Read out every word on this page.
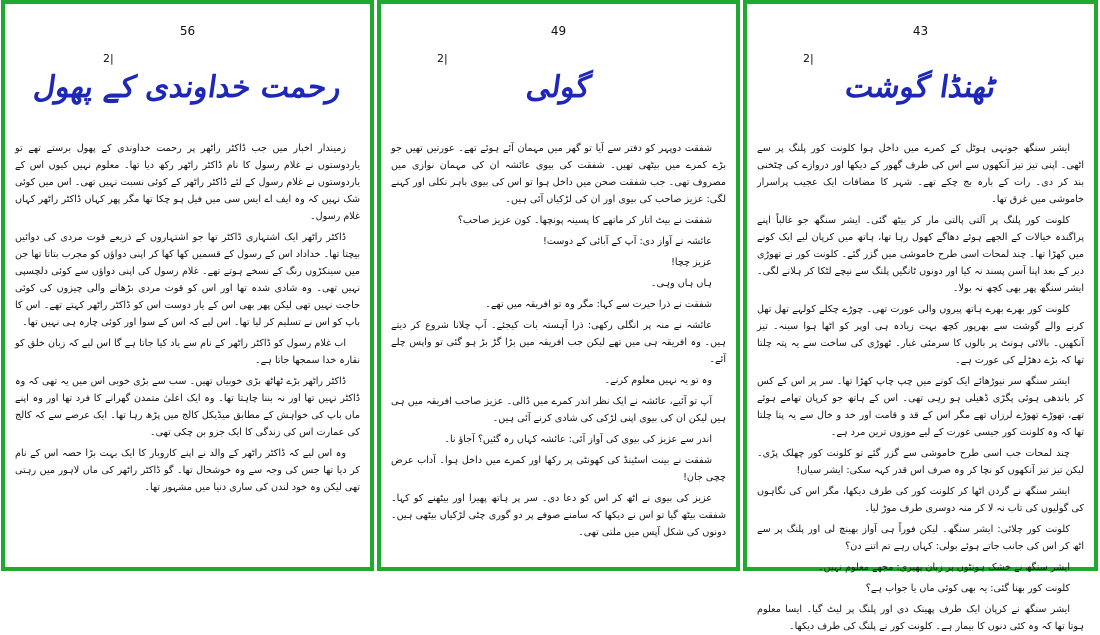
56
2|
رحمت خداوندی کے پھول

زمیندار اخبار میں جب ڈاکٹر راٹھر پر رحمت خداوندی کے پھول برستے تھے تو یاردوستوں نے غلام رسول کا نام ڈاکٹر راٹھر رکھ دیا تھا۔ معلوم نہیں کیوں اس کے یاردوستوں نے غلام رسول کے لئے ڈاکٹر راٹھر کے کوئی نسبت نہیں تھی۔ اس میں کوئی شک نہیں کہ وہ ایف اے ایس سی میں فیل ہو چکا تھا مگر پھر کہاں ڈاکٹر راٹھر کہاں غلام رسول۔

ڈاکٹر راٹھر ایک اشتہاری ڈاکٹر تھا جو اشتہاروں کے ذریعے قوت مردی کی دوائیں بیچتا تھا۔ خداداد اس کے رسول کے قسمیں کھا کھا کر اپنی دواؤں کو مجرب بتاتا تھا جن میں سینکڑوں رنگ کے نسخے ہوتے تھے۔ غلام رسول کی اپنی دواؤں سے کوئی دلچسپی نہیں تھی۔ وہ شادی شدہ تھا اور اس کو قوت مردی بڑھانے والی چیزوں کی کوئی حاجت نہیں تھی لیکن پھر بھی اس کے یار دوست اس کو ڈاکٹر راٹھر کہتے تھے۔ اس کا باپ کو اس نے تسلیم کر لیا تھا۔ اس لیے کہ اس کے سوا اور کوئی چارہ ہی نہیں تھا۔

اب غلام رسول کو ڈاکٹر راٹھر کے نام سے یاد کیا جاتا ہے گا اس لیے کہ زبان خلق کو نقارہ خدا سمجھا جاتا ہے۔

ڈاکٹر راٹھر بڑے ٹھاٹھ بڑی خوبیاں تھیں۔ سب سے بڑی خوبی اس میں یہ تھی کہ وہ ڈاکٹر نہیں تھا اور نہ بننا چاہتا تھا۔ وہ ایک اعلیٰ متمدن گھرانے کا فرد تھا اور وہ اپنے ماں باپ کی خواہش کے مطابق میڈیکل کالج میں پڑھ رہا تھا۔ ایک عرصے سے کہ کالج کی عمارت اس کی زندگی کا ایک جزو بن چکی تھی۔

وہ اس لیے کہ ڈاکٹر راٹھر کے والد نے اپنے کاروبار کا ایک بہت بڑا حصہ اس کے نام کر دیا تھا جس کی وجہ سے وہ خوشحال تھا۔ گو ڈاکٹر راٹھر کی ماں لاہور میں رہتی تھی لیکن وہ خود لندن کی ساری دنیا میں مشہور تھا۔

49
2|
گولی

شفقت دوپہر کو دفتر سے آیا تو گھر میں مہمان آئے ہوئے تھے۔ عورتیں تھیں جو بڑے کمرے میں بیٹھی تھیں۔ شفقت کی بیوی عائشہ ان کی مہمان نوازی میں مصروف تھی۔ جب شفقت صحن میں داخل ہوا تو اس کی بیوی باہر نکلی اور کہنے لگی: عزیز صاحب کی بیوی اور ان کی لڑکیاں آئی ہیں۔

شفقت نے بیٹ اتار کر ماتھے کا پسینہ پونچھا۔ کون عزیز صاحب؟

عائشہ نے آواز دی: آپ کے آبائی کے دوست!

عزیز چچا!

ہاں ہاں وہی۔

شفقت نے ذرا حیرت سے کہا: مگر وہ تو افریقہ میں تھے۔

عائشہ نے منہ پر انگلی رکھی: ذرا آہستہ بات کیجئے۔ آپ چلانا شروع کر دیتے ہیں۔ وہ افریقہ ہی میں تھے لیکن جب افریقہ میں بڑا گڑ بڑ ہو گئی تو واپس چلے آئے۔

وہ تو یہ نہیں معلوم کرنے۔

آپ تو آئیے، عائشہ نے ایک نظر اندر کمرے میں ڈالی۔ عزیز صاحب افریقہ میں ہی ہیں لیکن ان کی بیوی اپنی لڑکی کی شادی کرنے آئی ہیں۔

اندر سے عزیز کی بیوی کی آواز آئی: عائشہ کہاں رہ گئیں؟ آجاؤ نا۔

شفقت نے بینت اسٹینڈ کی کھونٹی پر رکھا اور کمرے میں داخل ہوا۔ آداب عرض چچی جان!

عزیز کی بیوی نے اٹھ کر اس کو دعا دی۔ سر پر ہاتھ پھیرا اور بیٹھنے کو کہا۔ شفقت بیٹھ گیا تو اس نے دیکھا کہ سامنے صوفے پر دو گوری چٹی لڑکیاں بیٹھی ہیں۔ دونوں کی شکل آپس میں ملتی تھی۔

43
2|
ٹھنڈا گوشت

ایشر سنگھ جونہی ہوٹل کے کمرے میں داخل ہوا کلونت کور پلنگ پر سے اٹھی۔ اپنی تیز تیز آنکھوں سے اس کی طرف گھور کے دیکھا اور دروازے کی چٹخنی بند کر دی۔ رات کے بارہ بج چکے تھے۔ شہر کا مضافات ایک عجیب پراسرار خاموشی میں غرق تھا۔

کلونت کور پلنگ پر آلتی پالتی مار کر بیٹھ گئی۔ ایشر سنگھ جو غالباً اپنے پراگندہ خیالات کے الجھے ہوئے دھاگے کھول رہا تھا، ہاتھ میں کرپان لیے ایک کونے میں کھڑا تھا۔ چند لمحات اسی طرح خاموشی میں گزر گئے۔ کلونت کور نے تھوڑی دیر کے بعد اپنا آسن پسند نہ کیا اور دونوں ٹانگیں پلنگ سے نیچے لٹکا کر ہلانے لگی۔ ایشر سنگھ پھر بھی کچھ نہ بولا۔

کلونت کور بھرے بھرے ہاتھ پیروں والی عورت تھی۔ چوڑے چکلے کولہے تھل تھل کرنے والے گوشت سے بھرپور کچھ بہت زیادہ ہی اوپر کو اٹھا ہوا سینہ۔ تیز آنکھیں۔ بالائی ہونٹ پر بالوں کا سرمئی غبار۔ ٹھوڑی کی ساخت سے یہ پتہ چلتا تھا کہ بڑے دھڑلے کی عورت ہے۔

ایشر سنگھ سر نیوڑھائے ایک کونے میں چپ چاپ کھڑا تھا۔ سر پر اس کے کس کر باندھی ہوئی پگڑی ڈھیلی ہو رہی تھی۔ اس کے ہاتھ جو کرپان تھامے ہوئے تھے، تھوڑے تھوڑے لرزاں تھے مگر اس کے قد و قامت اور خد و خال سے یہ پتا چلتا تھا کہ وہ کلونت کور جیسی عورت کے لیے موزوں ترین مرد ہے۔

چند لمحات جب اسی طرح خاموشی سے گزر گئے تو کلونت کور چھلک پڑی۔ لیکن تیز تیز آنکھوں کو نچا کر وہ صرف اس قدر کہہ سکی: ایشر سیاں!

ایشر سنگھ نے گردن اٹھا کر کلونت کور کی طرف دیکھا، مگر اس کی نگاہوں کی گولیوں کی تاب نہ لا کر منہ دوسری طرف موڑ لیا۔

کلونت کور چلائی: ایشر سنگھ۔ لیکن فوراً ہی آواز بھینچ لی اور پلنگ پر سے اٹھ کر اس کی جانب جاتے ہوئے بولی: کہاں رہے تم اتنے دن؟

ایشر سنگھ نے خشک ہونٹوں پر زبان پھیری: مجھے معلوم نہیں۔

کلونت کور بھنا گئی: یہ بھی کوئی ماں یا جواب ہے؟

ایشر سنگھ نے کرپان ایک طرف پھینک دی اور پلنگ پر لیٹ گیا۔ ایسا معلوم ہوتا تھا کہ وہ کئی دنوں کا بیمار ہے۔ کلونت کور نے پلنگ کی طرف دیکھا۔
